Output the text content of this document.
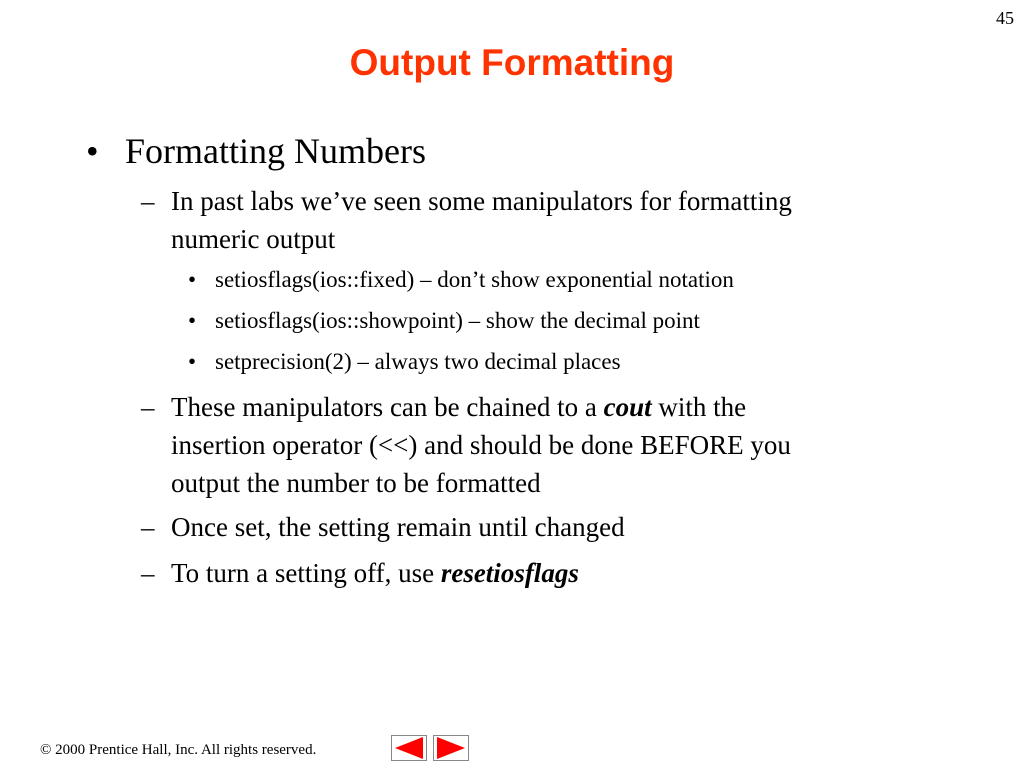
45
Output Formatting
• Formatting Numbers
– In past labs we’ve seen some manipulators for formatting
numeric output
• setiosflags(ios::fixed) – don’t show exponential notation
• setiosflags(ios::showpoint) – show the decimal point
• setprecision(2) – always two decimal places
– These manipulators can be chained to a cout with the
insertion operator (<<) and should be done BEFORE you
output the number to be formatted
– Once set, the setting remain until changed
– To turn a setting off, use resetiosflags
© 2000 Prentice Hall, Inc. All rights reserved.
